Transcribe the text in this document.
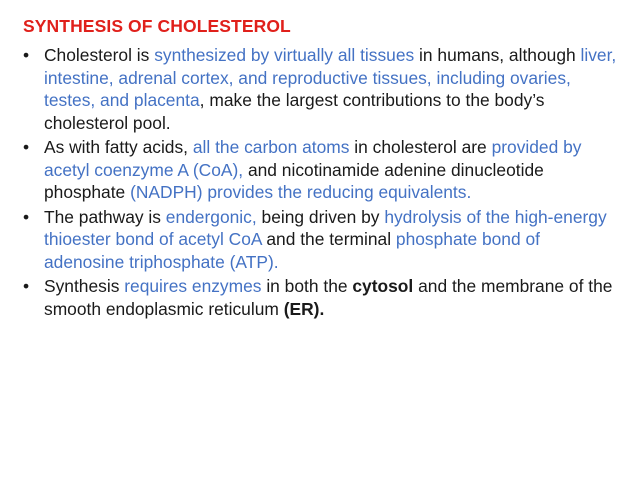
SYNTHESIS OF CHOLESTEROL
• Cholesterol is synthesized by virtually all tissues in humans, although liver, intestine, adrenal cortex, and reproductive tissues, including ovaries, testes, and placenta, make the largest contributions to the body’s cholesterol pool.
• As with fatty acids, all the carbon atoms in cholesterol are provided by acetyl coenzyme A (CoA), and nicotinamide adenine dinucleotide phosphate (NADPH) provides the reducing equivalents.
• The pathway is endergonic, being driven by hydrolysis of the high-energy thioester bond of acetyl CoA and the terminal phosphate bond of adenosine triphosphate (ATP).
• Synthesis requires enzymes in both the cytosol and the membrane of the smooth endoplasmic reticulum (ER).
